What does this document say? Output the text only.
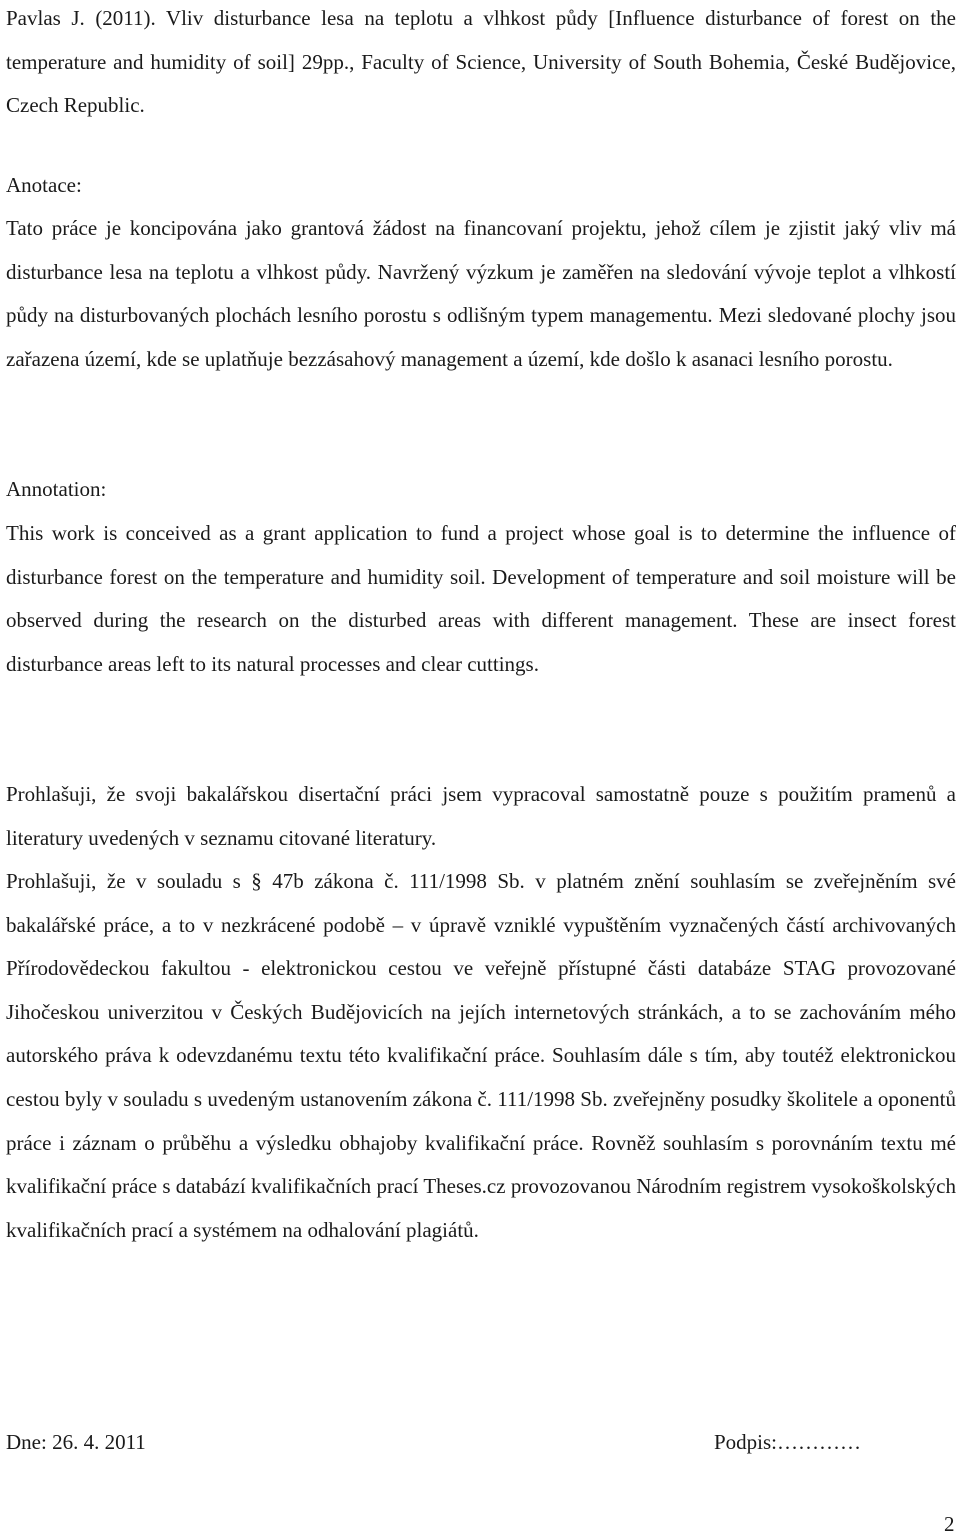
Pavlas J. (2011). Vliv disturbance lesa na teplotu a vlhkost půdy [Influence disturbance of forest on the temperature and humidity of soil] 29pp., Faculty of Science, University of South Bohemia, České Budějovice, Czech Republic.

Anotace:

Tato práce je koncipována jako grantová žádost na financovaní projektu, jehož cílem je zjistit jaký vliv má disturbance lesa na teplotu a vlhkost půdy. Navržený výzkum je zaměřen na sledování vývoje teplot a vlhkostí půdy na disturbovaných plochách lesního porostu s odlišným typem managementu. Mezi sledované plochy jsou zařazena území, kde se uplatňuje bezzásahový management a území, kde došlo k asanaci lesního porostu.

Annotation:

This work is conceived as a grant application to fund a project whose goal is to determine the influence of disturbance forest on the temperature and humidity soil. Development of temperature and soil moisture will be observed during the research on the disturbed areas with different management. These are insect forest disturbance areas left to its natural processes and clear cuttings.

Prohlašuji, že svoji bakalářskou disertační práci jsem vypracoval samostatně pouze s použitím pramenů a literatury uvedených v seznamu citované literatury.

Prohlašuji, že v souladu s § 47b zákona č. 111/1998 Sb. v platném znění souhlasím se zveřejněním své bakalářské práce, a to v nezkrácené podobě – v úpravě vzniklé vypuštěním vyznačených částí archivovaných Přírodovědeckou fakultou - elektronickou cestou ve veřejně přístupné části databáze STAG provozované Jihočeskou univerzitou v Českých Budějovicích na jejích internetových stránkách, a to se zachováním mého autorského práva k odevzdanému textu této kvalifikační práce. Souhlasím dále s tím, aby toutéž elektronickou cestou byly v souladu s uvedeným ustanovením zákona č. 111/1998 Sb. zveřejněny posudky školitele a oponentů práce i záznam o průběhu a výsledku obhajoby kvalifikační práce. Rovněž souhlasím s porovnáním textu mé kvalifikační práce s databází kvalifikačních prací Theses.cz provozovanou Národním registrem vysokoškolských kvalifikačních prací a systémem na odhalování plagiátů.

Dne: 26. 4. 2011	Podpis:…………
2
